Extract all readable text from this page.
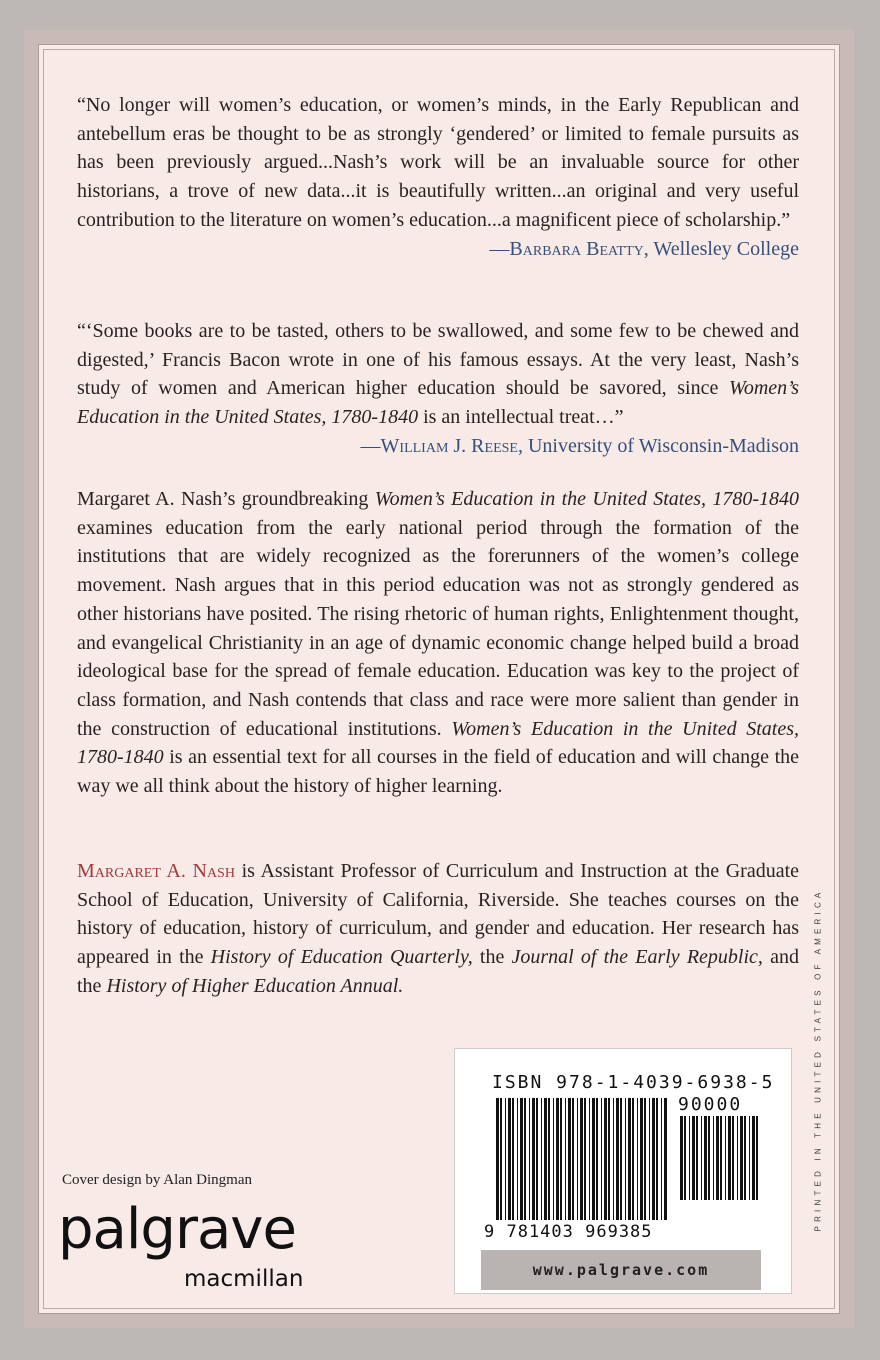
“No longer will women’s education, or women’s minds, in the Early Republican and antebellum eras be thought to be as strongly ‘gendered’ or limited to female pursuits as has been previously argued...Nash’s work will be an invaluable source for other historians, a trove of new data...it is beautifully written...an original and very useful contribution to the literature on women’s education...a magnificent piece of scholarship.”
—Barbara Beatty, Wellesley College
“‘Some books are to be tasted, others to be swallowed, and some few to be chewed and digested,’ Francis Bacon wrote in one of his famous essays. At the very least, Nash’s study of women and American higher education should be savored, since Women’s Education in the United States, 1780-1840 is an intellectual treat…”
—William J. Reese, University of Wisconsin-Madison
Margaret A. Nash’s groundbreaking Women’s Education in the United States, 1780-1840 examines education from the early national period through the formation of the institutions that are widely recognized as the forerunners of the women’s college movement. Nash argues that in this period education was not as strongly gendered as other historians have posited. The rising rhetoric of human rights, Enlightenment thought, and evangelical Christianity in an age of dynamic economic change helped build a broad ideological base for the spread of female education. Education was key to the project of class formation, and Nash contends that class and race were more salient than gender in the construction of educational institutions. Women’s Education in the United States, 1780-1840 is an essential text for all courses in the field of education and will change the way we all think about the history of higher learning.
Margaret A. Nash is Assistant Professor of Curriculum and Instruction at the Graduate School of Education, University of California, Riverside. She teaches courses on the history of education, history of curriculum, and gender and education. Her research has appeared in the History of Education Quarterly, the Journal of the Early Republic, and the History of Higher Education Annual.	PRINTED IN THE UNITED STATES OF AMERICA
ISBN 978-1-4039-6938-5
90000
9 781403 969385
www.palgrave.com
Cover design by Alan Dingman
palgrave
macmillan
